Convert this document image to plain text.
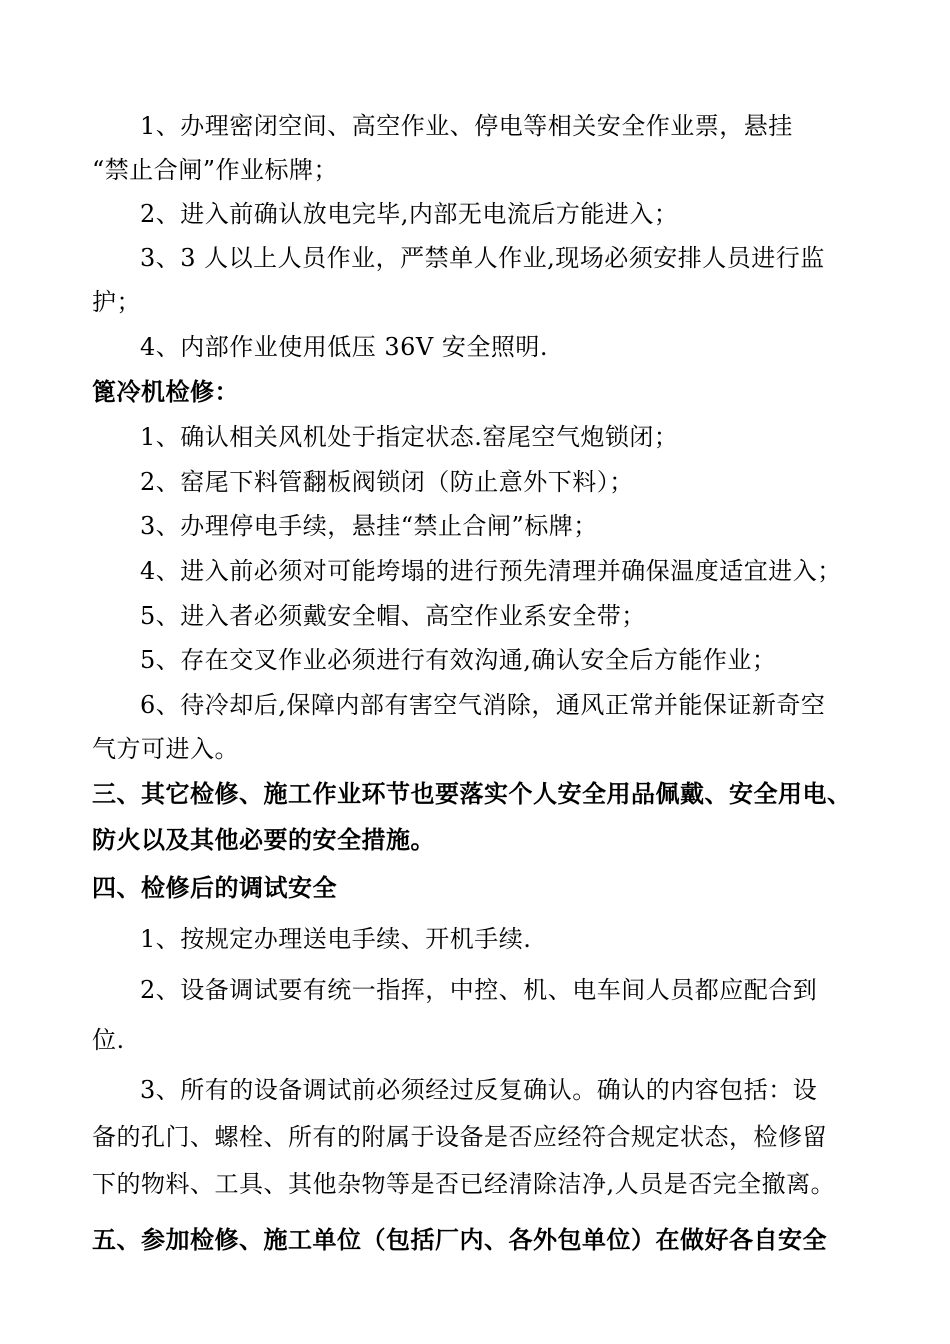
1、办理密闭空间、高空作业、停电等相关安全作业票，悬挂
“禁止合闸”作业标牌；
2、进入前确认放电完毕,内部无电流后方能进入；
3、3 人以上人员作业，严禁单人作业,现场必须安排人员进行监
护；
4、内部作业使用低压 36V 安全照明.
篦冷机检修：
1、确认相关风机处于指定状态.窑尾空气炮锁闭；
2、窑尾下料管翻板阀锁闭（防止意外下料）；
3、办理停电手续，悬挂“禁止合闸”标牌；
4、进入前必须对可能垮塌的进行预先清理并确保温度适宜进入；
5、进入者必须戴安全帽、高空作业系安全带；
5、存在交叉作业必须进行有效沟通,确认安全后方能作业；
6、待冷却后,保障内部有害空气消除，通风正常并能保证新奇空
气方可进入。
三、其它检修、施工作业环节也要落实个人安全用品佩戴、安全用电、
防火以及其他必要的安全措施。
四、检修后的调试安全
1、按规定办理送电手续、开机手续.
2、设备调试要有统一指挥，中控、机、电车间人员都应配合到
位.
3、所有的设备调试前必须经过反复确认。确认的内容包括：设
备的孔门、螺栓、所有的附属于设备是否应经符合规定状态，检修留
下的物料、工具、其他杂物等是否已经清除洁净,人员是否完全撤离。
五、参加检修、施工单位（包括厂内、各外包单位）在做好各自安全
